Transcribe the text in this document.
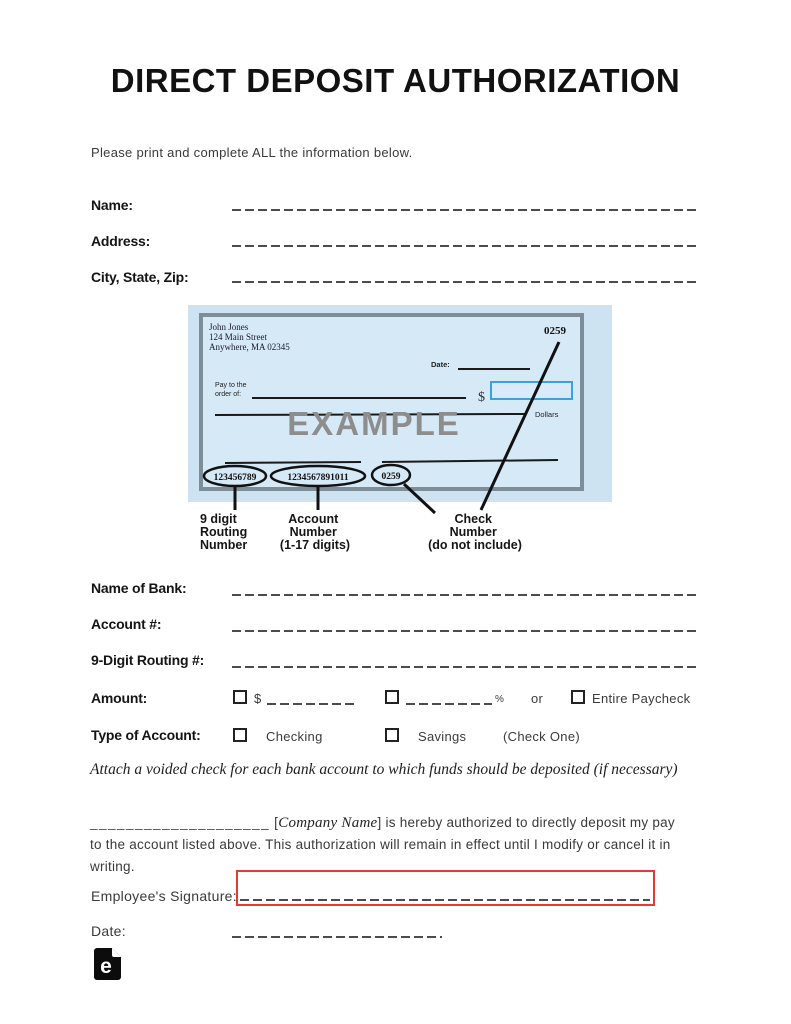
DIRECT DEPOSIT AUTHORIZATION
Please print and complete ALL the information below.
Name:
Address:
City, State, Zip:
John Jones
124 Main Street
Anywhere, MA 02345
0259
Date:
Pay to the
order of:	$
Dollars
EXAMPLE
123456789	1234567891011	0259
9 digit Routing Number
Account Number (1-17 digits)
Check Number (do not include)
Name of Bank:
Account #:
9-Digit Routing #:
Amount:	$	% or	Entire Paycheck
Type of Account:	Checking	Savings	(Check One)
Attach a voided check for each bank account to which funds should be deposited (if necessary)

____________________ [Company Name] is hereby authorized to directly deposit my pay to the account listed above. This authorization will remain in effect until I modify or cancel it in writing.

Employee's Signature:
Date:
e
